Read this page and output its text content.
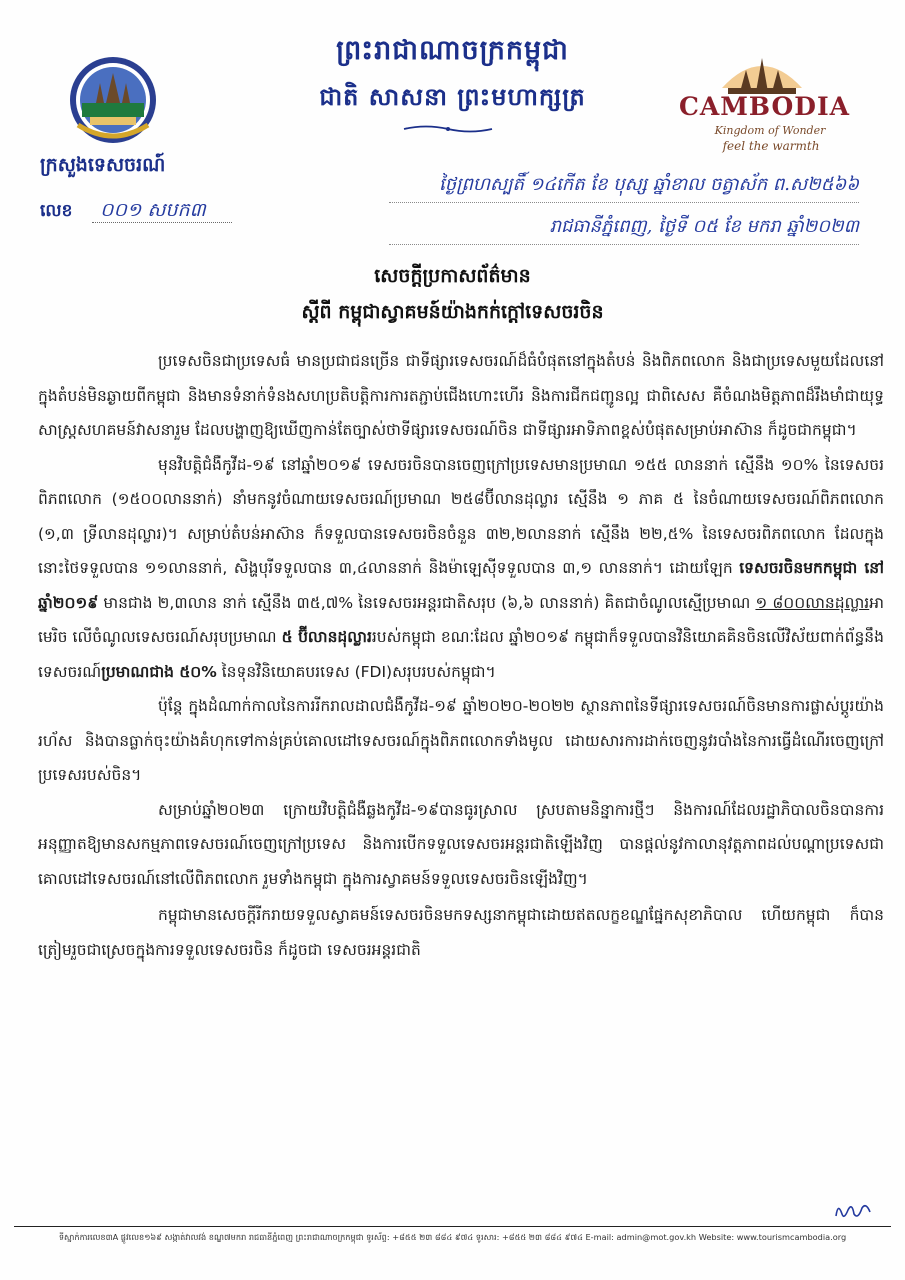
ព្រះរាជាណាចក្រកម្ពុជា
ជាតិ សាសនា ព្រះមហាក្សត្រ
ក្រសួងទេសចរណ៍
លេខ ០០១ សបក៣
CAMBODIA
Kingdom of Wonder
feel the warmth
ថ្ងៃព្រហស្បតិ៍ ១៤កើត ខែ បុស្ស ឆ្នាំខាល ចត្វាស័ក ព.ស២៥៦៦
រាជធានីភ្នំពេញ, ថ្ងៃទី ០៥ ខែ មករា ឆ្នាំ២០២៣
សេចក្តីប្រកាសព័ត៌មាន
ស្តីពី កម្ពុជាស្វាគមន៍យ៉ាងកក់ក្តៅទេសចរចិន

ប្រទេសចិនជាប្រទេសធំ មានប្រជាជនច្រើន ជាទីផ្សារទេសចរណ៍ដ៏ធំបំផុតនៅក្នុងតំបន់ និងពិភពលោក និងជាប្រទេសមួយដែលនៅក្នុងតំបន់មិនឆ្ងាយពីកម្ពុជា និងមានទំនាក់ទំនងសហប្រតិបត្តិការការតភ្ជាប់ជើងហោះហើរ និងការជីកជញ្ជូនល្អ ជាពិសេស គឺចំណងមិត្តភាពដ៏រឹងមាំជាយុទ្ធសាស្ត្រសហគមន៍វាសនារួម ដែលបង្ហាញឱ្យឃើញកាន់តែច្បាស់ថាទីផ្សារទេសចរណ៍ចិន ជាទីផ្សារអាទិភាពខ្ពស់បំផុតសម្រាប់អាស៊ាន ក៏ដូចជាកម្ពុជា។

មុនវិបត្តិជំងឺកូវីដ-១៩ នៅឆ្នាំ២០១៩ ទេសចរចិនបានចេញក្រៅប្រទេសមានប្រមាណ ១៥៥ លាននាក់ ស្មើនឹង ១០% នៃទេសចរពិភពលោក (១៥០០លាននាក់) នាំមកនូវចំណាយទេសចរណ៍ប្រមាណ ២៥៨ប៊ីលានដុល្លារ ស្មើនឹង ១ ភាគ ៥ នៃចំណាយទេសចរណ៍ពិភពលោក (១,៣ ទ្រីលានដុល្លារ)។ សម្រាប់តំបន់អាស៊ាន ក៏ទទួលបានទេសចរចិនចំនួន ៣២,២លាននាក់ ស្មើនឹង ២២,៥% នៃទេសចរពិភពលោក ដែលក្នុងនោះថៃទទួលបាន ១១លាននាក់, សិង្ហបុរីទទួលបាន ៣,៤លាននាក់ និងម៉ាឡេស៊ីទទួលបាន ៣,១ លាននាក់។ ដោយឡែក ទេសចរចិនមកកម្ពុជា នៅឆ្នាំ២០១៩ មានជាង ២,៣លាន នាក់ ស្មើនឹង ៣៥,៧% នៃទេសចរអន្តរជាតិសរុប (៦,៦ លាននាក់) គិតជាចំណូលស្មើប្រមាណ ១ ៨០០លានដុល្លារអាមេរិច លើចំណូលទេសចរណ៍សរុបប្រមាណ ៥ ប៊ីលានដុល្លាររបស់កម្ពុជា ខណៈដែល ឆ្នាំ២០១៩ កម្ពុជាក៏ទទួលបានវិនិយោគគិនចិនលើវិស័យពាក់ព័ន្ធនឹងទេសចរណ៍ប្រមាណជាង ៥០% នៃទុនវិនិយោគបរទេស (FDI)សរុបរបស់កម្ពុជា។

ប៉ុន្តែ ក្នុងដំណាក់កាលនៃការរីករាលដាលជំងឺកូវីដ-១៩ ឆ្នាំ២០២០-២០២២ ស្ថានភាពនៃទីផ្សារទេសចរណ៍ចិនមានការផ្លាស់ប្តូរយ៉ាងរហ័ស និងបានធ្លាក់ចុះយ៉ាងគំហុកទៅកាន់គ្រប់គោលដៅទេសចរណ៍ក្នុងពិភពលោកទាំងមូល ដោយសារការដាក់ចេញនូវរបាំងនៃការធ្វើដំណើរចេញក្រៅប្រទេសរបស់ចិន។

សម្រាប់ឆ្នាំ២០២៣ ក្រោយវិបត្តិជំងឺឆ្លងកូវីដ-១៩បានធូរស្រាល ស្របតាមនិន្នាការថ្មីៗ និងការណ៍ដែលរដ្ឋាភិបាលចិនបានការអនុញ្ញាតឱ្យមានសកម្មភាពទេសចរណ៍ចេញក្រៅប្រទេស និងការបើកទទួលទេសចរអន្តរជាតិឡើងវិញ បានផ្តល់នូវកាលានុវត្តភាពដល់បណ្តាប្រទេសជាគោលដៅទេសចរណ៍នៅលើពិភពលោក រួមទាំងកម្ពុជា ក្នុងការស្វាគមន៍ទទួលទេសចរចិនឡើងវិញ។

កម្ពុជាមានសេចក្តីរីករាយទទួលស្វាគមន៍ទេសចរចិនមកទស្សនាកម្ពុជាដោយឥតលក្ខខណ្ឌផ្នែកសុខាភិបាល ហើយកម្ពុជា ក៏បានត្រៀមរួចជាស្រេចក្នុងការទទួលទេសចរចិន ក៏ដូចជា ទេសចរអន្តរជាតិ

ទីស្នាក់ការលេខ៣A ផ្លូវលេខ១៦៩ សង្កាត់វាលវង់ ខណ្ឌ៧មករា រាជធានីភ្នំពេញ ព្រះរាជាណាចក្រកម្ពុជា ទូរស័ព្ទ: +៨៥៥ ២៣ ៨៨៤ ៩៧៤ ទូរសារ: +៨៥៥ ២៣ ៨៨៤ ៩៧៤ E-mail: admin@mot.gov.kh Website: www.tourismcambodia.org
